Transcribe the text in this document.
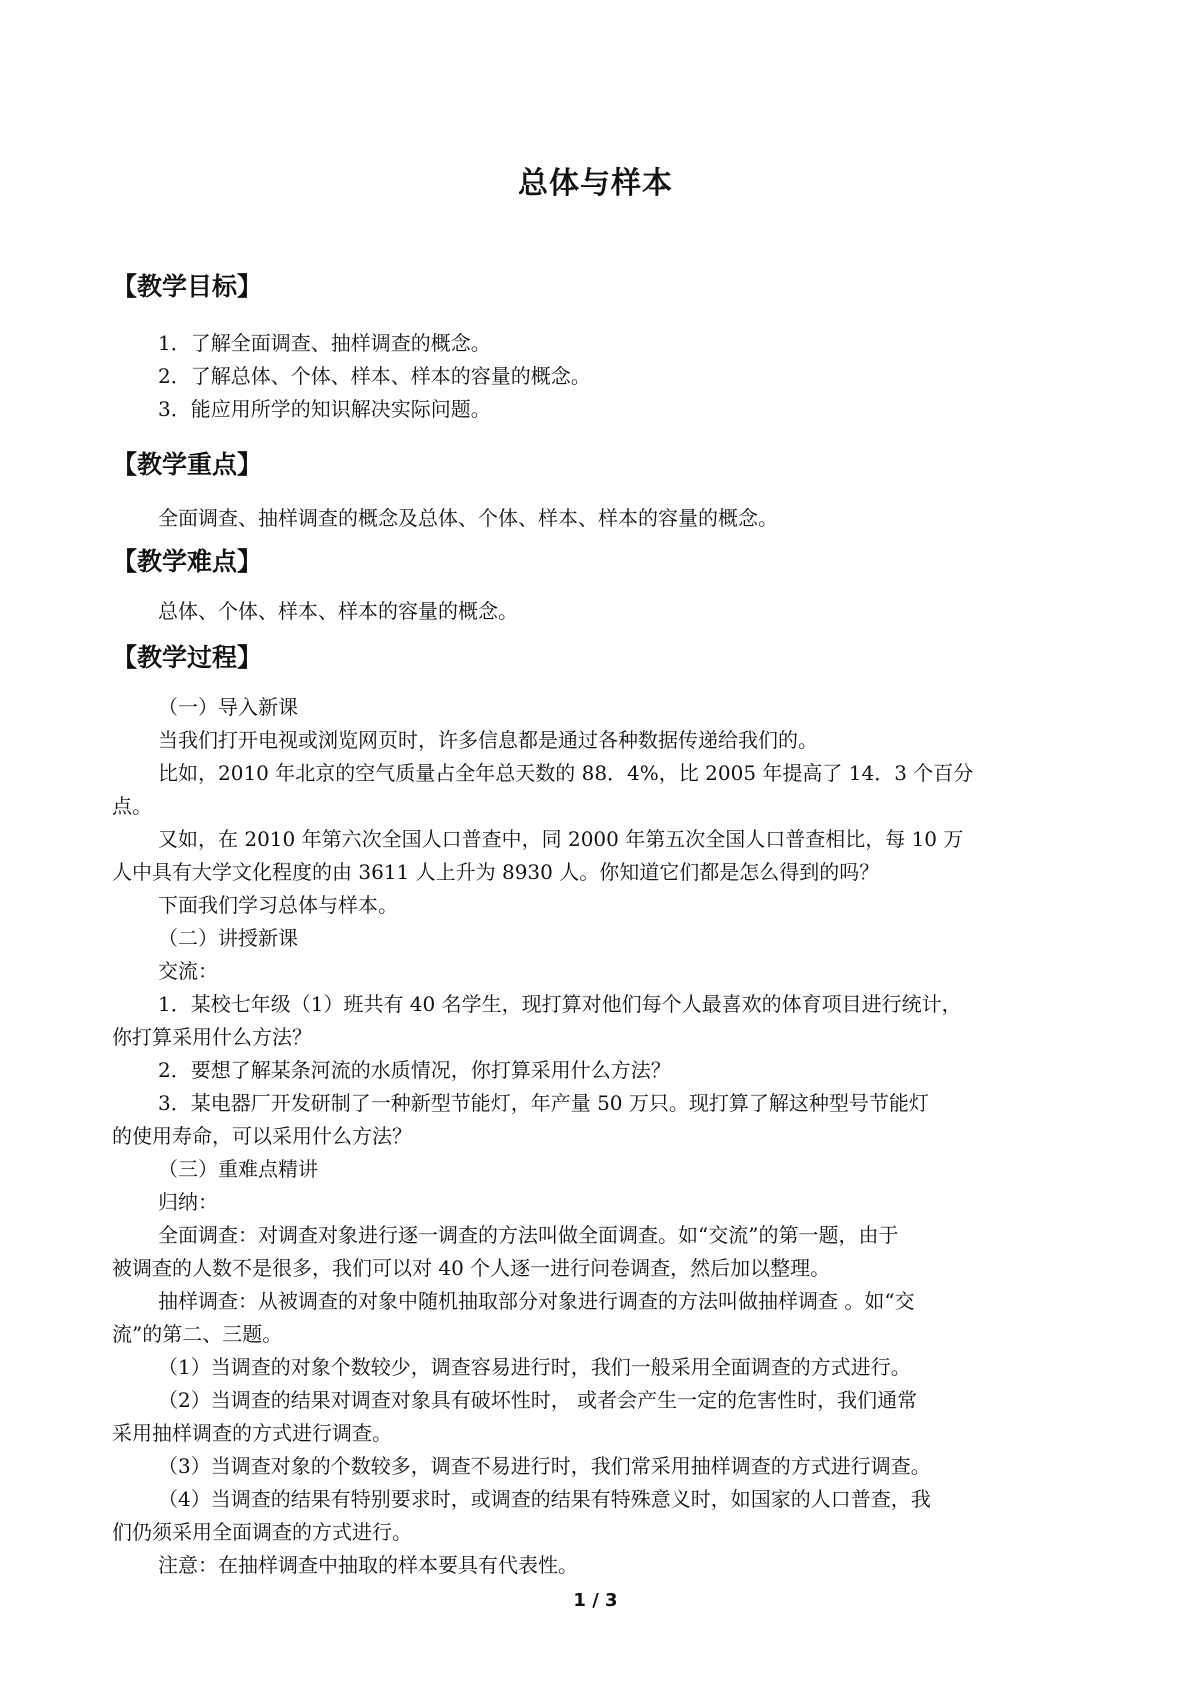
总体与样本
【教学目标】
1．了解全面调查、抽样调查的概念。
2．了解总体、个体、样本、样本的容量的概念。
3．能应用所学的知识解决实际问题。
【教学重点】
全面调查、抽样调查的概念及总体、个体、样本、样本的容量的概念。
【教学难点】
总体、个体、样本、样本的容量的概念。
【教学过程】
（一）导入新课
当我们打开电视或浏览网页时，许多信息都是通过各种数据传递给我们的。
比如，2010 年北京的空气质量占全年总天数的 88．4%，比 2005 年提高了 14．3 个百分
点。
又如，在 2010 年第六次全国人口普查中，同 2000 年第五次全国人口普查相比，每 10 万
人中具有大学文化程度的由 3611 人上升为 8930 人。你知道它们都是怎么得到的吗？
下面我们学习总体与样本。
（二）讲授新课
交流：
1．某校七年级（1）班共有 40 名学生，现打算对他们每个人最喜欢的体育项目进行统计，
你打算采用什么方法？
2．要想了解某条河流的水质情况，你打算采用什么方法？
3．某电器厂开发研制了一种新型节能灯，年产量 50 万只。现打算了解这种型号节能灯
的使用寿命，可以采用什么方法？
（三）重难点精讲
归纳：
全面调查：对调查对象进行逐一调查的方法叫做全面调查。如“交流”的第一题，由于
被调查的人数不是很多，我们可以对 40 个人逐一进行问卷调查，然后加以整理。
抽样调查：从被调查的对象中随机抽取部分对象进行调查的方法叫做抽样调查 。如“交
流”的第二、三题。
（1）当调查的对象个数较少，调查容易进行时，我们一般采用全面调查的方式进行。
（2）当调查的结果对调查对象具有破坏性时， 或者会产生一定的危害性时，我们通常
采用抽样调查的方式进行调查。
（3）当调查对象的个数较多，调查不易进行时，我们常采用抽样调查的方式进行调查。
（4）当调查的结果有特别要求时，或调查的结果有特殊意义时，如国家的人口普查，我
们仍须采用全面调查的方式进行。
注意：在抽样调查中抽取的样本要具有代表性。
1 / 3
